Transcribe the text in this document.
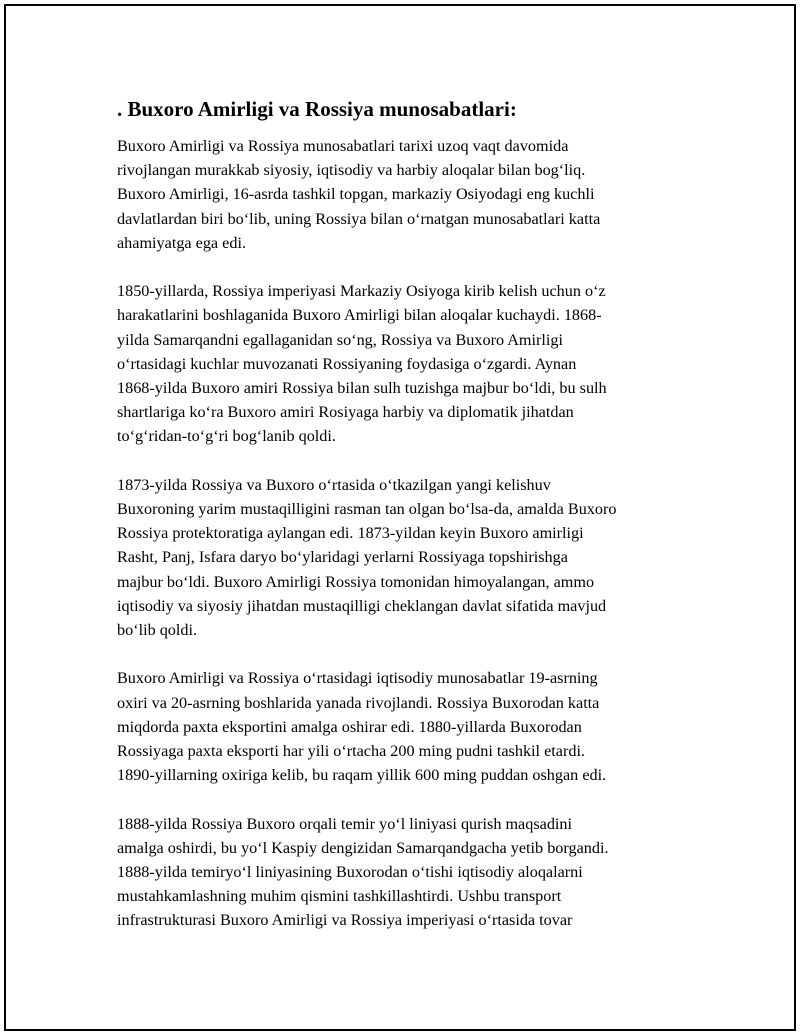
. Buxoro Amirligi va Rossiya munosabatlari:

Buxoro Amirligi va Rossiya munosabatlari tarixi uzoq vaqt davomida
rivojlangan murakkab siyosiy, iqtisodiy va harbiy aloqalar bilan bog‘liq.
Buxoro Amirligi, 16-asrda tashkil topgan, markaziy Osiyodagi eng kuchli
davlatlardan biri bo‘lib, uning Rossiya bilan o‘rnatgan munosabatlari katta
ahamiyatga ega edi.

1850-yillarda, Rossiya imperiyasi Markaziy Osiyoga kirib kelish uchun o‘z
harakatlarini boshlaganida Buxoro Amirligi bilan aloqalar kuchaydi. 1868-
yilda Samarqandni egallaganidan so‘ng, Rossiya va Buxoro Amirligi
o‘rtasidagi kuchlar muvozanati Rossiyaning foydasiga o‘zgardi. Aynan
1868-yilda Buxoro amiri Rossiya bilan sulh tuzishga majbur bo‘ldi, bu sulh
shartlariga ko‘ra Buxoro amiri Rosiyaga harbiy va diplomatik jihatdan
to‘g‘ridan-to‘g‘ri bog‘lanib qoldi.

1873-yilda Rossiya va Buxoro o‘rtasida o‘tkazilgan yangi kelishuv
Buxoroning yarim mustaqilligini rasman tan olgan bo‘lsa-da, amalda Buxoro
Rossiya protektoratiga aylangan edi. 1873-yildan keyin Buxoro amirligi
Rasht, Panj, Isfara daryo bo‘ylaridagi yerlarni Rossiyaga topshirishga
majbur bo‘ldi. Buxoro Amirligi Rossiya tomonidan himoyalangan, ammo
iqtisodiy va siyosiy jihatdan mustaqilligi cheklangan davlat sifatida mavjud
bo‘lib qoldi.

Buxoro Amirligi va Rossiya o‘rtasidagi iqtisodiy munosabatlar 19-asrning
oxiri va 20-asrning boshlarida yanada rivojlandi. Rossiya Buxorodan katta
miqdorda paxta eksportini amalga oshirar edi. 1880-yillarda Buxorodan
Rossiyaga paxta eksporti har yili o‘rtacha 200 ming pudni tashkil etardi.
1890-yillarning oxiriga kelib, bu raqam yillik 600 ming puddan oshgan edi.

1888-yilda Rossiya Buxoro orqali temir yo‘l liniyasi qurish maqsadini
amalga oshirdi, bu yo‘l Kaspiy dengizidan Samarqandgacha yetib borgandi.
1888-yilda temiryo‘l liniyasining Buxorodan o‘tishi iqtisodiy aloqalarni
mustahkamlashning muhim qismini tashkillashtirdi. Ushbu transport
infrastrukturasi Buxoro Amirligi va Rossiya imperiyasi o‘rtasida tovar
